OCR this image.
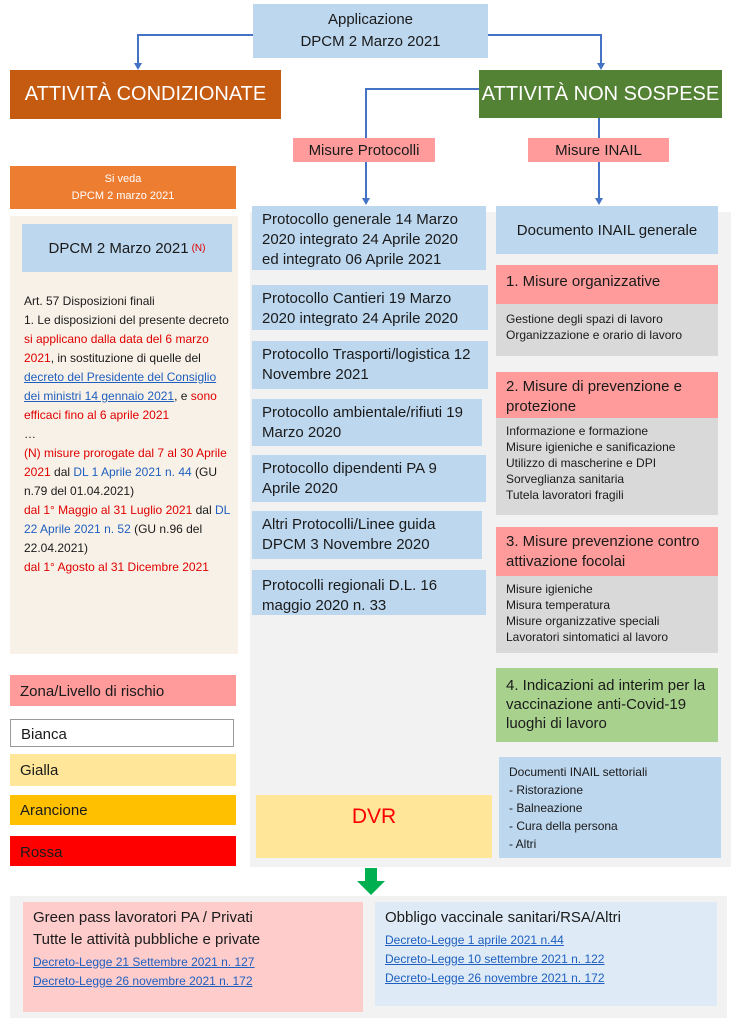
Applicazione
DPCM 2 Marzo 2021
ATTIVITÀ CONDIZIONATE	ATTIVITÀ NON SOSPESE
Misure Protocolli	Misure INAIL
Si veda
DPCM 2 marzo 2021
DPCM 2 Marzo 2021 (N)
Art. 57 Disposizioni finali
1. Le disposizioni del presente decreto si applicano dalla data del 6 marzo 2021, in sostituzione di quelle del decreto del Presidente del Consiglio dei ministri 14 gennaio 2021, e sono efficaci fino al 6 aprile 2021
…
(N) misure prorogate dal 7 al 30 Aprile 2021 dal DL 1 Aprile 2021 n. 44 (GU n.79 del 01.04.2021)
dal 1° Maggio al 31 Luglio 2021 dal DL 22 Aprile 2021 n. 52 (GU n.96 del 22.04.2021)
dal 1° Agosto al 31 Dicembre 2021
Zona/Livello di rischio
Bianca
Gialla
Arancione
Rossa
Protocollo generale 14 Marzo 2020 integrato 24 Aprile 2020 ed integrato 06 Aprile 2021
Protocollo Cantieri 19 Marzo 2020 integrato 24 Aprile 2020
Protocollo Trasporti/logistica 12 Novembre 2021
Protocollo ambientale/rifiuti 19 Marzo 2020
Protocollo dipendenti PA 9 Aprile 2020
Altri Protocolli/Linee guida DPCM 3 Novembre 2020
Protocolli regionali D.L. 16 maggio 2020 n. 33
DVR
Documento INAIL generale
1. Misure organizzative
Gestione degli spazi di lavoro
Organizzazione e orario di lavoro
2. Misure di prevenzione e protezione
Informazione e formazione
Misure igieniche e sanificazione
Utilizzo di mascherine e DPI
Sorveglianza sanitaria
Tutela lavoratori fragili
3. Misure prevenzione contro attivazione focolai
Misure igieniche
Misura temperatura
Misure organizzative speciali
Lavoratori sintomatici al lavoro
4. Indicazioni ad interim per la vaccinazione anti-Covid-19 luoghi di lavoro
Documenti INAIL settoriali
- Ristorazione
- Balneazione
- Cura della persona
- Altri
Green pass lavoratori PA / Privati
Tutte le attività pubbliche e private
Decreto-Legge 21 Settembre 2021 n. 127
Decreto-Legge 26 novembre 2021 n. 172
Obbligo vaccinale sanitari/RSA/Altri
Decreto-Legge 1 aprile 2021 n.44
Decreto-Legge 10 settembre 2021 n. 122
Decreto-Legge 26 novembre 2021 n. 172
